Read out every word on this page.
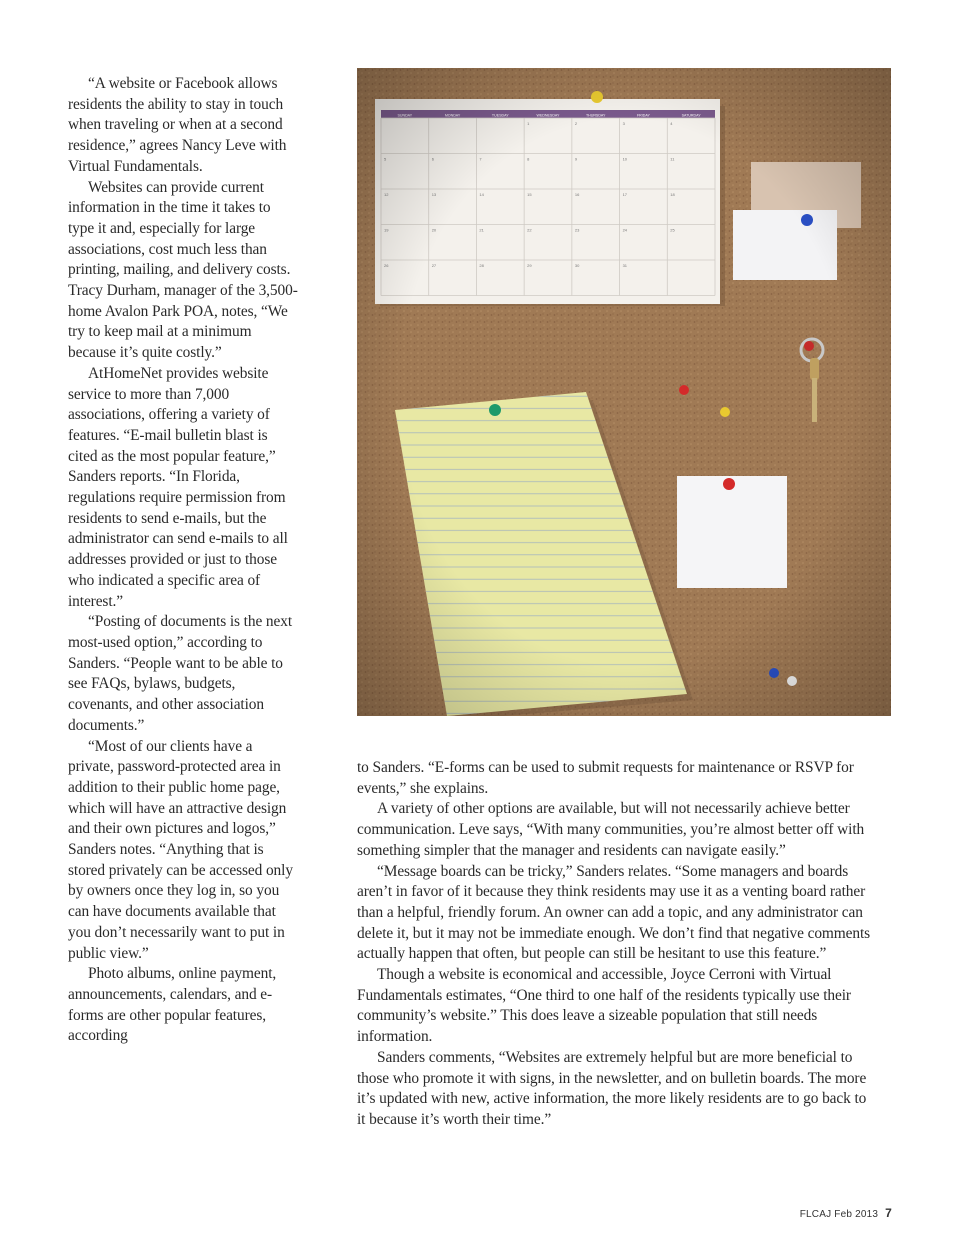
“A website or Facebook allows residents the ability to stay in touch when traveling or when at a second residence,” agrees Nancy Leve with Virtual Fundamentals.

Websites can provide current information in the time it takes to type it and, especially for large associations, cost much less than printing, mailing, and delivery costs. Tracy Durham, manager of the 3,500-home Avalon Park POA, notes, “We try to keep mail at a minimum because it’s quite costly.”

AtHomeNet provides website service to more than 7,000 associations, offering a variety of features. “E-mail bulletin blast is cited as the most popular feature,” Sanders reports. “In Florida, regulations require permission from residents to send e-mails, but the administrator can send e-mails to all addresses provided or just to those who indicated a specific area of interest.”

“Posting of documents is the next most-used option,” according to Sanders. “People want to be able to see FAQs, bylaws, budgets, covenants, and other association documents.”

“Most of our clients have a private, password-protected area in addition to their public home page, which will have an attractive design and their own pictures and logos,” Sanders notes. “Anything that is stored privately can be accessed only by owners once they log in, so you can have documents available that you don’t necessarily want to put in public view.”

Photo albums, online payment, announcements, calendars, and e-forms are other popular features, according

to Sanders. “E-forms can be used to submit requests for maintenance or RSVP for events,” she explains.

A variety of other options are available, but will not necessarily achieve better communication. Leve says, “With many communities, you’re almost better off with something simpler that the manager and residents can navigate easily.”

“Message boards can be tricky,” Sanders relates. “Some managers and boards aren’t in favor of it because they think residents may use it as a venting board rather than a helpful, friendly forum. An owner can add a topic, and any administrator can delete it, but it may not be immediate enough. We don’t find that negative comments actually happen that often, but people can still be hesitant to use this feature.”

Though a website is economical and accessible, Joyce Cerroni with Virtual Fundamentals estimates, “One third to one half of the residents typically use their community’s website.” This does leave a sizeable population that still needs information.

Sanders comments, “Websites are extremely helpful but are more beneficial to those who promote it with signs, in the newsletter, and on bulletin boards. The more it’s updated with new, active information, the more likely residents are to go back to it because it’s worth their time.”

FLCAJ Feb 2013 7
